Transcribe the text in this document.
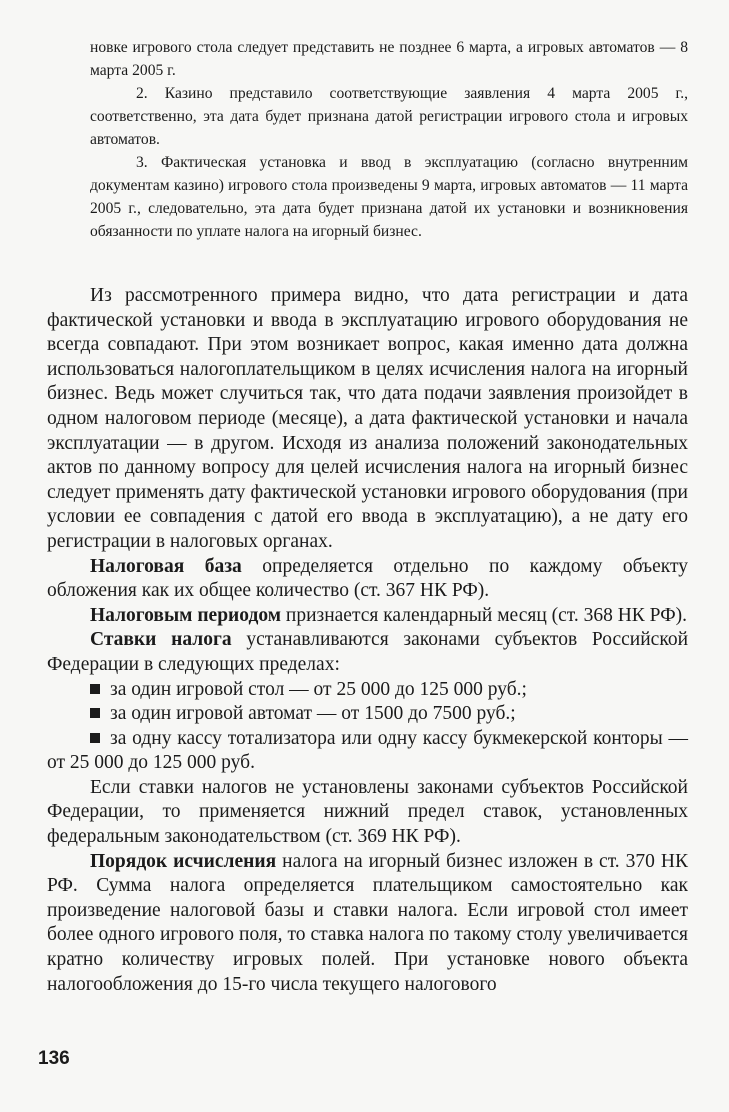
новке игрового стола следует представить не позднее 6 марта, а игровых автоматов — 8 марта 2005 г.

2. Казино представило соответствующие заявления 4 марта 2005 г., соответственно, эта дата будет признана датой регистрации игрового стола и игровых автоматов.

3. Фактическая установка и ввод в эксплуатацию (согласно внутренним документам казино) игрового стола произведены 9 марта, игровых автоматов — 11 марта 2005 г., следовательно, эта дата будет признана датой их установки и возникновения обязанности по уплате налога на игорный бизнес.

Из рассмотренного примера видно, что дата регистрации и дата фактической установки и ввода в эксплуатацию игрового оборудования не всегда совпадают. При этом возникает вопрос, какая именно дата должна использоваться налогоплательщиком в целях исчисления налога на игорный бизнес. Ведь может случиться так, что дата подачи заявления произойдет в одном налоговом периоде (месяце), а дата фактической установки и начала эксплуатации — в другом. Исходя из анализа положений законодательных актов по данному вопросу для целей исчисления налога на игорный бизнес следует применять дату фактической установки игрового оборудования (при условии ее совпадения с датой его ввода в эксплуатацию), а не дату его регистрации в налоговых органах.

Налоговая база определяется отдельно по каждому объекту обложения как их общее количество (ст. 367 НК РФ).

Налоговым периодом признается календарный месяц (ст. 368 НК РФ).

Ставки налога устанавливаются законами субъектов Российской Федерации в следующих пределах:

за один игровой стол — от 25 000 до 125 000 руб.;

за один игровой автомат — от 1500 до 7500 руб.;

за одну кассу тотализатора или одну кассу букмекерской конторы — от 25 000 до 125 000 руб.

Если ставки налогов не установлены законами субъектов Российской Федерации, то применяется нижний предел ставок, установленных федеральным законодательством (ст. 369 НК РФ).

Порядок исчисления налога на игорный бизнес изложен в ст. 370 НК РФ. Сумма налога определяется плательщиком самостоятельно как произведение налоговой базы и ставки налога. Если игровой стол имеет более одного игрового поля, то ставка налога по такому столу увеличивается кратно количеству игровых полей. При установке нового объекта налогообложения до 15-го числа текущего налогового

136
